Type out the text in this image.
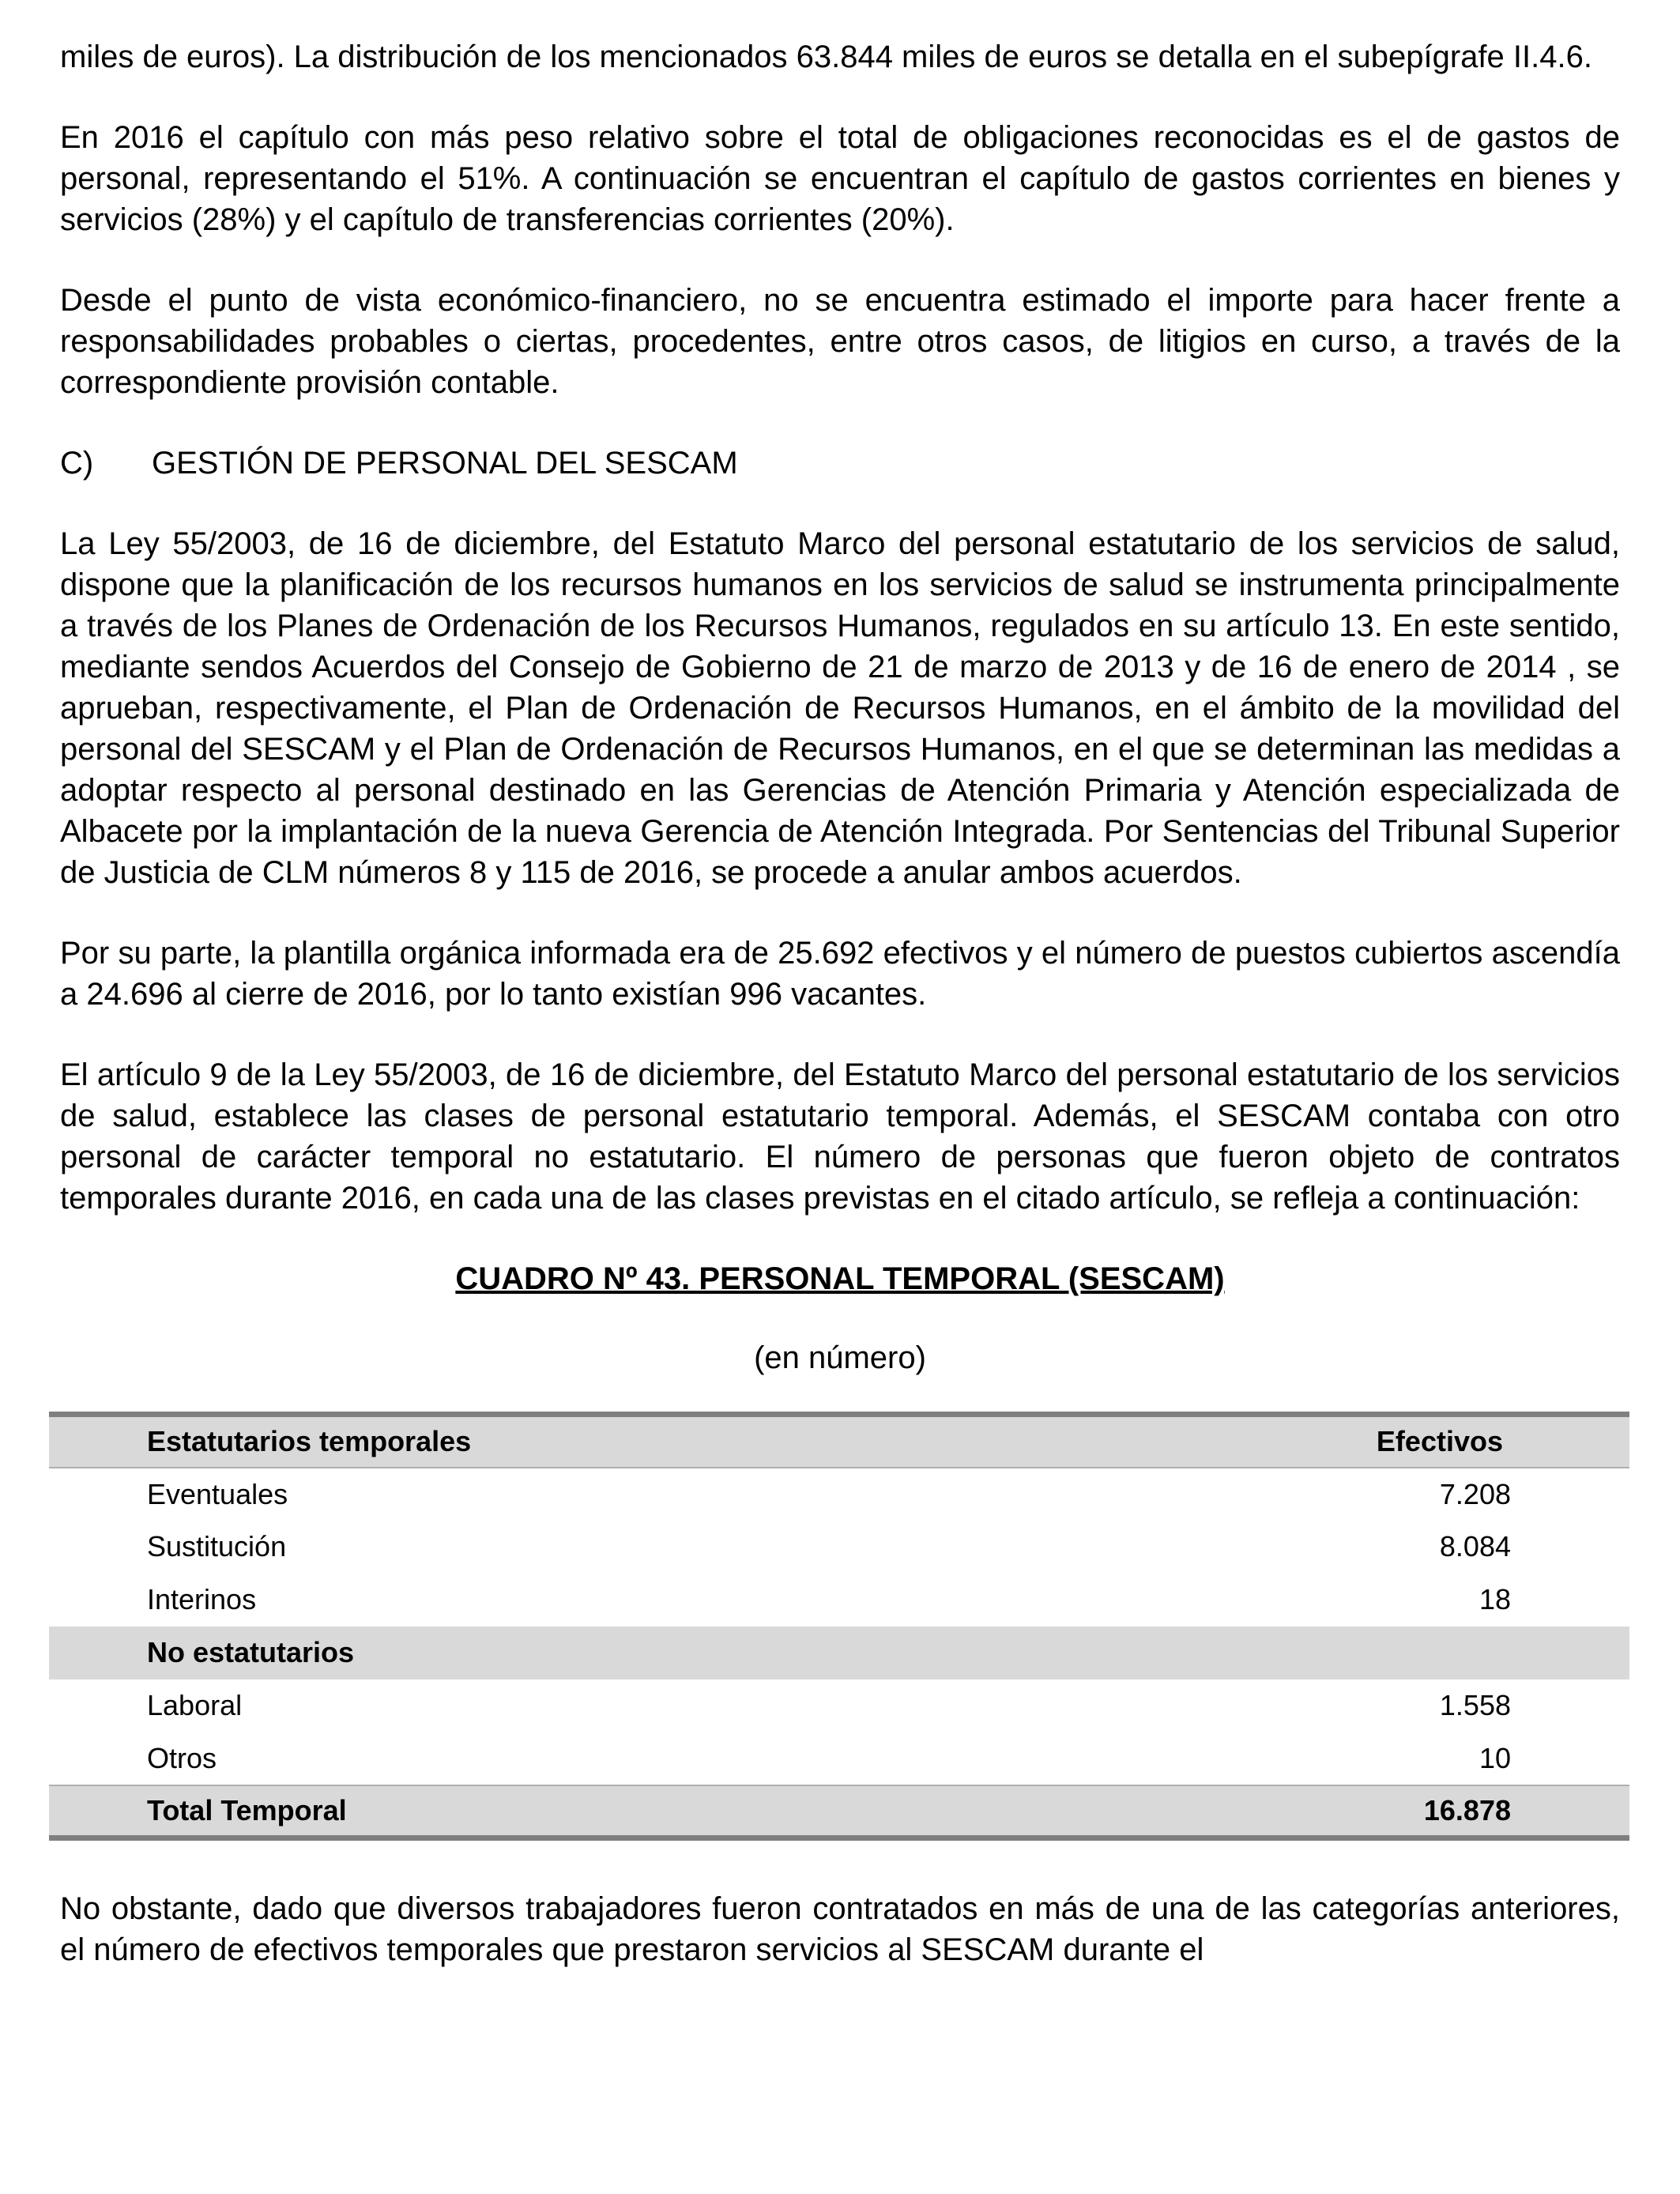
miles de euros). La distribución de los mencionados 63.844 miles de euros se detalla en el subepígrafe II.4.6.

En 2016 el capítulo con más peso relativo sobre el total de obligaciones reconocidas es el de gastos de personal, representando el 51%. A continuación se encuentran el capítulo de gastos corrientes en bienes y servicios (28%) y el capítulo de transferencias corrientes (20%).

Desde el punto de vista económico-financiero, no se encuentra estimado el importe para hacer frente a responsabilidades probables o ciertas, procedentes, entre otros casos, de litigios en curso, a través de la correspondiente provisión contable.

C)	GESTIÓN DE PERSONAL DEL SESCAM

La Ley 55/2003, de 16 de diciembre, del Estatuto Marco del personal estatutario de los servicios de salud, dispone que la planificación de los recursos humanos en los servicios de salud se instrumenta principalmente a través de los Planes de Ordenación de los Recursos Humanos, regulados en su artículo 13. En este sentido, mediante sendos Acuerdos del Consejo de Gobierno de 21 de marzo de 2013 y de 16 de enero de 2014 , se aprueban, respectivamente, el Plan de Ordenación de Recursos Humanos, en el ámbito de la movilidad del personal del SESCAM y el Plan de Ordenación de Recursos Humanos, en el que se determinan las medidas a adoptar respecto al personal destinado en las Gerencias de Atención Primaria y Atención especializada de Albacete por la implantación de la nueva Gerencia de Atención Integrada. Por Sentencias del Tribunal Superior de Justicia de CLM números 8 y 115 de 2016, se procede a anular ambos acuerdos.

Por su parte, la plantilla orgánica informada era de 25.692 efectivos y el número de puestos cubiertos ascendía a 24.696 al cierre de 2016, por lo tanto existían 996 vacantes.

El artículo 9 de la Ley 55/2003, de 16 de diciembre, del Estatuto Marco del personal estatutario de los servicios de salud, establece las clases de personal estatutario temporal. Además, el SESCAM contaba con otro personal de carácter temporal no estatutario. El número de personas que fueron objeto de contratos temporales durante 2016, en cada una de las clases previstas en el citado artículo, se refleja a continuación:

CUADRO Nº 43. PERSONAL TEMPORAL (SESCAM)
(en número)
Estatutarios temporales	Efectivos
Eventuales	7.208
Sustitución	8.084
Interinos	18
No estatutarios	
Laboral	1.558
Otros	10
Total Temporal	16.878

No obstante, dado que diversos trabajadores fueron contratados en más de una de las categorías anteriores, el número de efectivos temporales que prestaron servicios al SESCAM durante el
